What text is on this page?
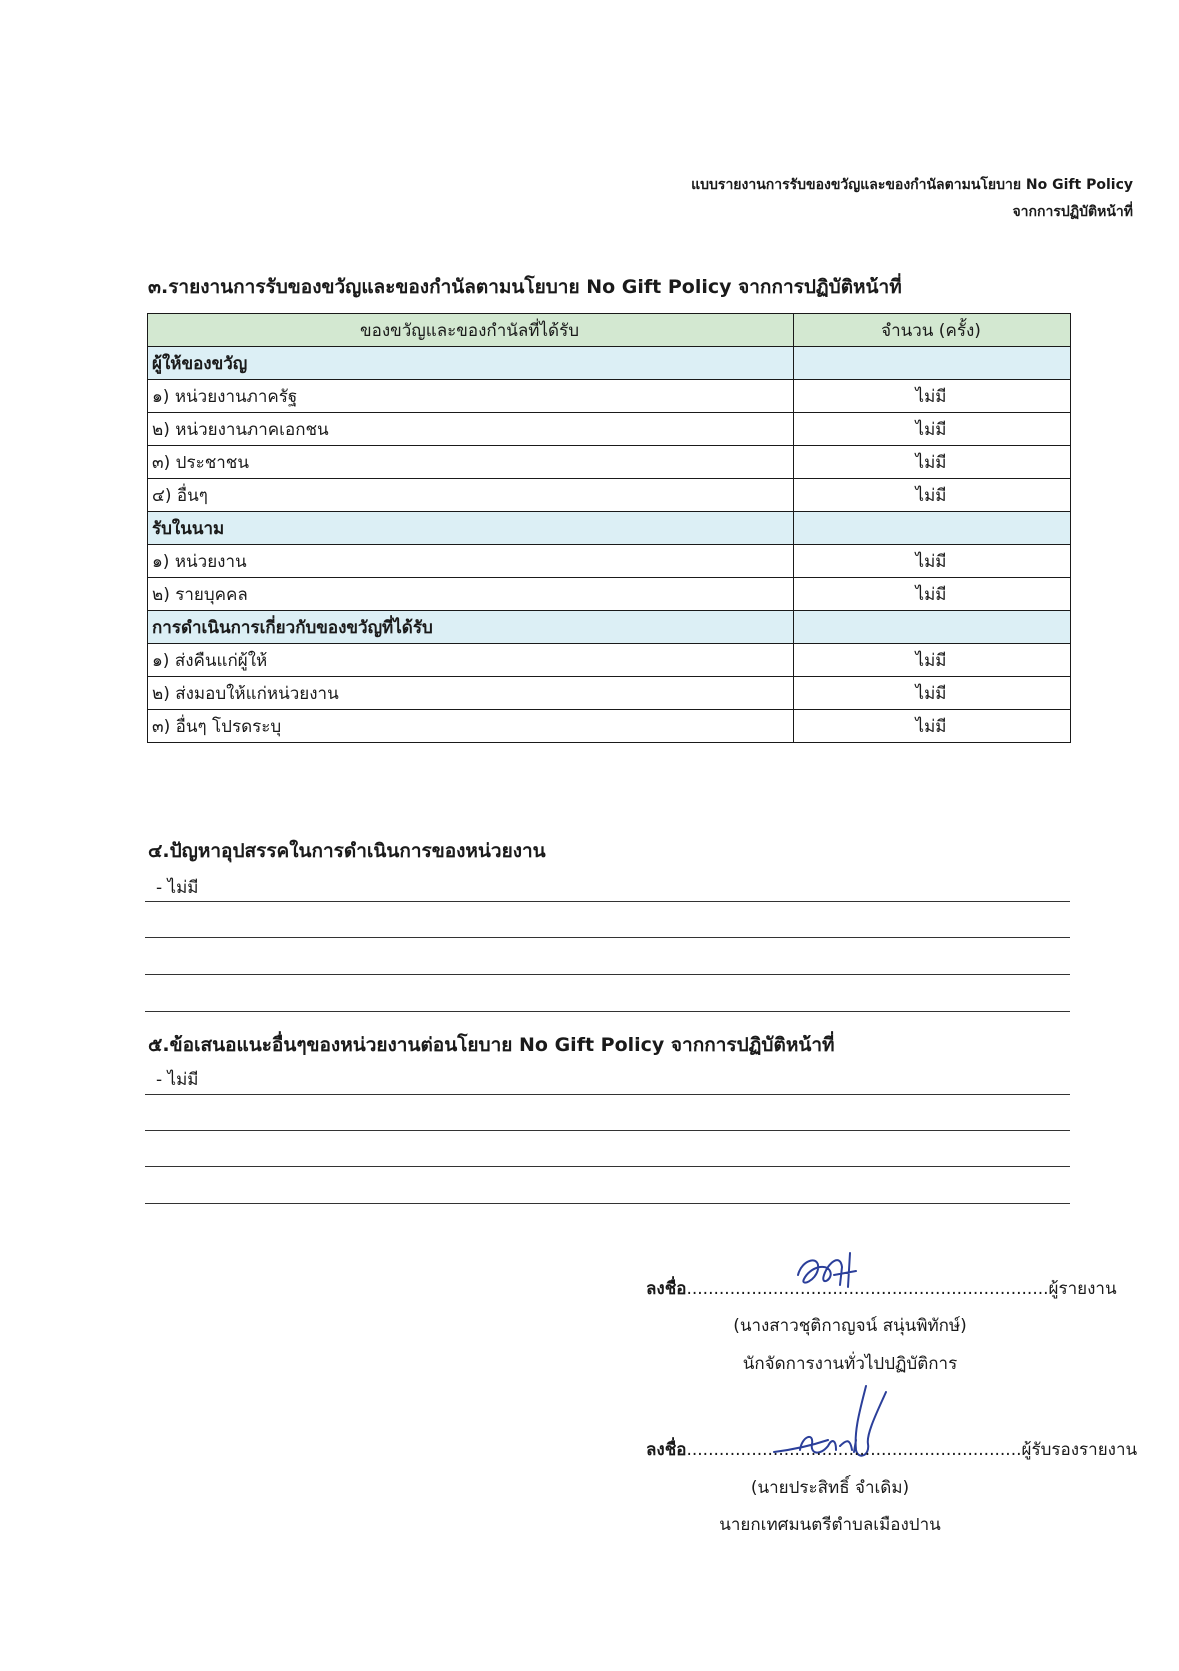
แบบรายงานการรับของขวัญและของกำนัลตามนโยบาย No Gift Policy
จากการปฏิบัติหน้าที่
๓.รายงานการรับของขวัญและของกำนัลตามนโยบาย No Gift Policy จากการปฏิบัติหน้าที่
ของขวัญและของกำนัลที่ได้รับ	จำนวน (ครั้ง)
ผู้ให้ของขวัญ	
๑) หน่วยงานภาครัฐ	ไม่มี
๒) หน่วยงานภาคเอกชน	ไม่มี
๓) ประชาชน	ไม่มี
๔) อื่นๆ	ไม่มี
รับในนาม	
๑) หน่วยงาน	ไม่มี
๒) รายบุคคล	ไม่มี
การดำเนินการเกี่ยวกับของขวัญที่ได้รับ	
๑) ส่งคืนแก่ผู้ให้	ไม่มี
๒) ส่งมอบให้แก่หน่วยงาน	ไม่มี
๓) อื่นๆ โปรดระบุ	ไม่มี
๔.ปัญหาอุปสรรคในการดำเนินการของหน่วยงาน
- ไม่มี
๕.ข้อเสนอแนะอื่นๆของหน่วยงานต่อนโยบาย No Gift Policy จากการปฏิบัติหน้าที่
- ไม่มี
ลงชื่อ...................................................................ผู้รายงาน
(นางสาวชุติกาญจน์ สนุ่นพิทักษ์)
นักจัดการงานทั่วไปปฏิบัติการ
ลงชื่อ..............................................................ผู้รับรองรายงาน
(นายประสิทธิ์ จำเดิม)
นายกเทศมนตรีตำบลเมืองปาน
